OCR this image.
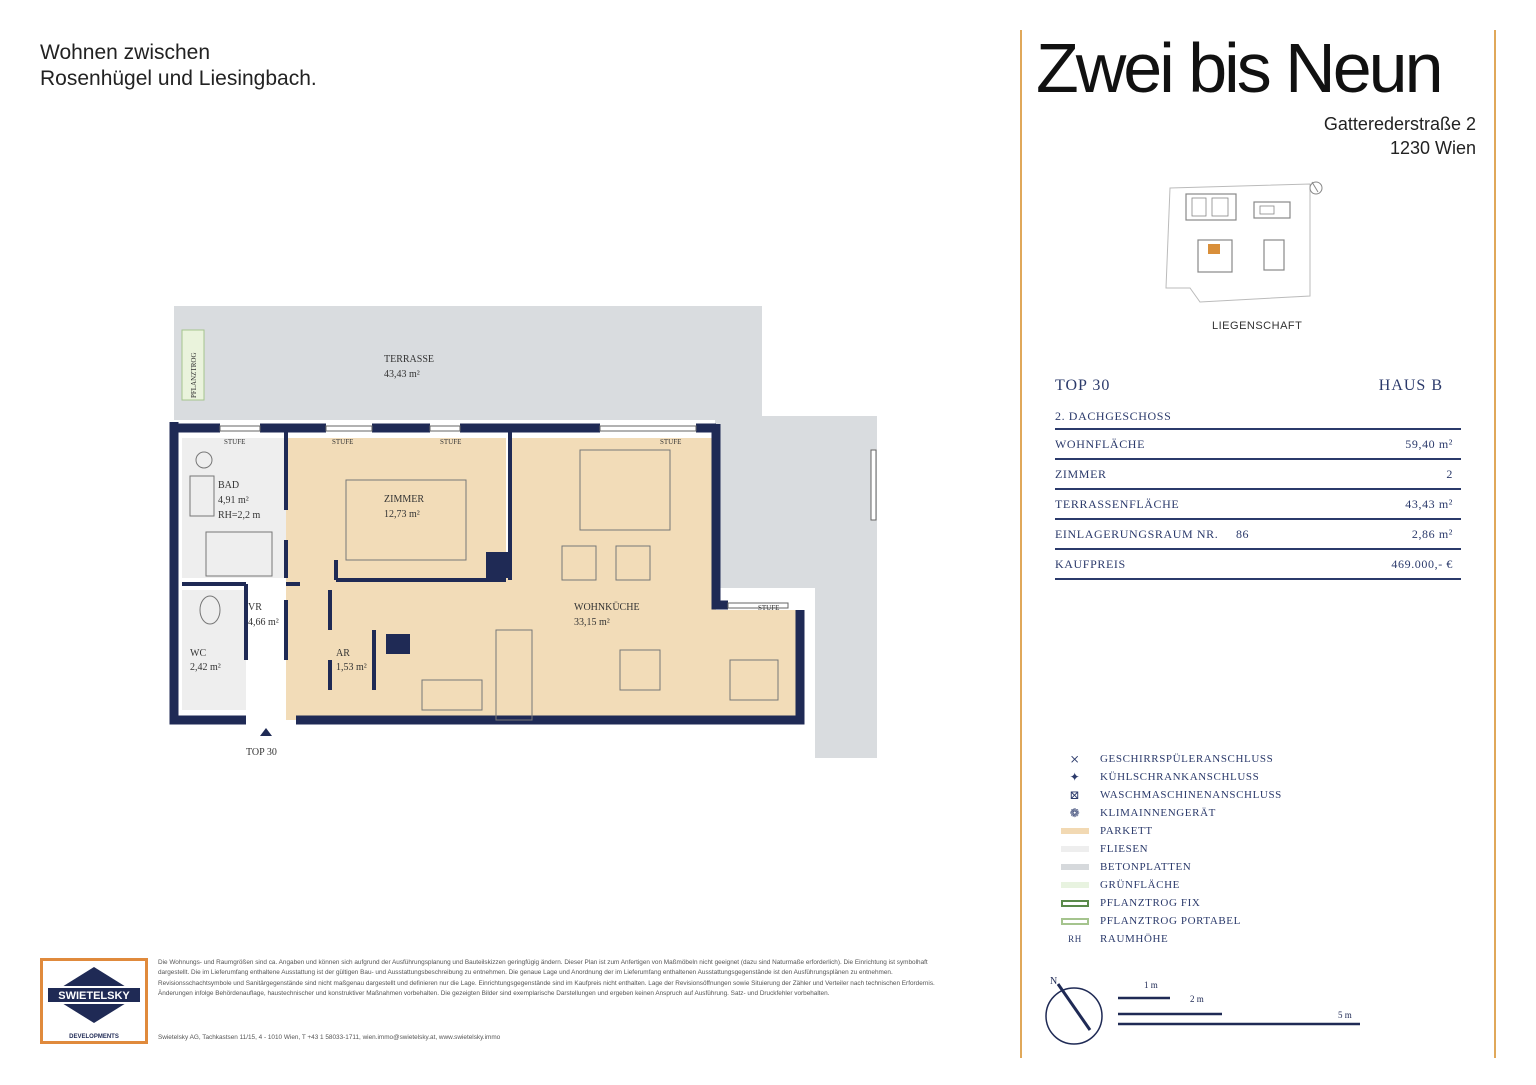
Wohnen zwischen
Rosenhügel und Liesingbach.	Zwei bis Neun
Gatterederstraße 2
1230 Wien
LIEGENSCHAFT
TOP 30	HAUS B
2. DACHGESCHOSS
WOHNFLÄCHE	59,40 m²
ZIMMER	2
TERRASSENFLÄCHE	43,43 m²
EINLAGERUNGSRAUM NR. 86	2,86 m²
KAUFPREIS	469.000,- €
PFLANZTROG	TERRASSE
43,43 m²
STUFE	STUFE	STUFE	STUFE
STUFE
BAD
4,91 m²
RH=2,2 m
ZIMMER
12,73 m²
WOHNKÜCHE
33,15 m²
VR
4,66 m²
WC
2,42 m²
AR
1,53 m²
TOP 30	⨯	GESCHIRRSPÜLERANSCHLUSS
✦	KÜHLSCHRANKANSCHLUSS
⊠	WASCHMASCHINENANSCHLUSS
❁	KLIMAINNENGERÄT
PARKETT
FLIESEN
BETONPLATTEN
GRÜNFLÄCHE
PFLANZTROG FIX
PFLANZTROG PORTABEL
RH	RAUMHÖHE
N	1 m
2 m
5 m
SWIETELSKY
DEVELOPMENTS
Die Wohnungs- und Raumgrößen sind ca. Angaben und können sich aufgrund der Ausführungsplanung und Bauteilskizzen geringfügig ändern. Dieser Plan ist zum Anfertigen von Maßmöbeln nicht geeignet (dazu sind Naturmaße erforderlich). Die Einrichtung ist symbolhaft dargestellt. Die im Lieferumfang enthaltene Ausstattung ist der gültigen Bau- und Ausstattungsbeschreibung zu entnehmen. Die genaue Lage und Anordnung der im Lieferumfang enthaltenen Ausstattungsgegenstände ist den Ausführungsplänen zu entnehmen. Revisionsschachtsymbole und Sanitärgegenstände sind nicht maßgenau dargestellt und definieren nur die Lage. Einrichtungsgegenstände sind im Kaufpreis nicht enthalten. Lage der Revisionsöffnungen sowie Situierung der Zähler und Verteiler nach technischen Erfordernis. Änderungen infolge Behördenauflage, haustechnischer und konstruktiver Maßnahmen vorbehalten. Die gezeigten Bilder sind exemplarische Darstellungen und ergeben keinen Anspruch auf Ausführung. Satz- und Druckfehler vorbehalten.
Swietelsky AG, Tachkastsen 11/15, 4 - 1010 Wien, T +43 1 58033-1711, wien.immo@swietelsky.at, www.swietelsky.immo
